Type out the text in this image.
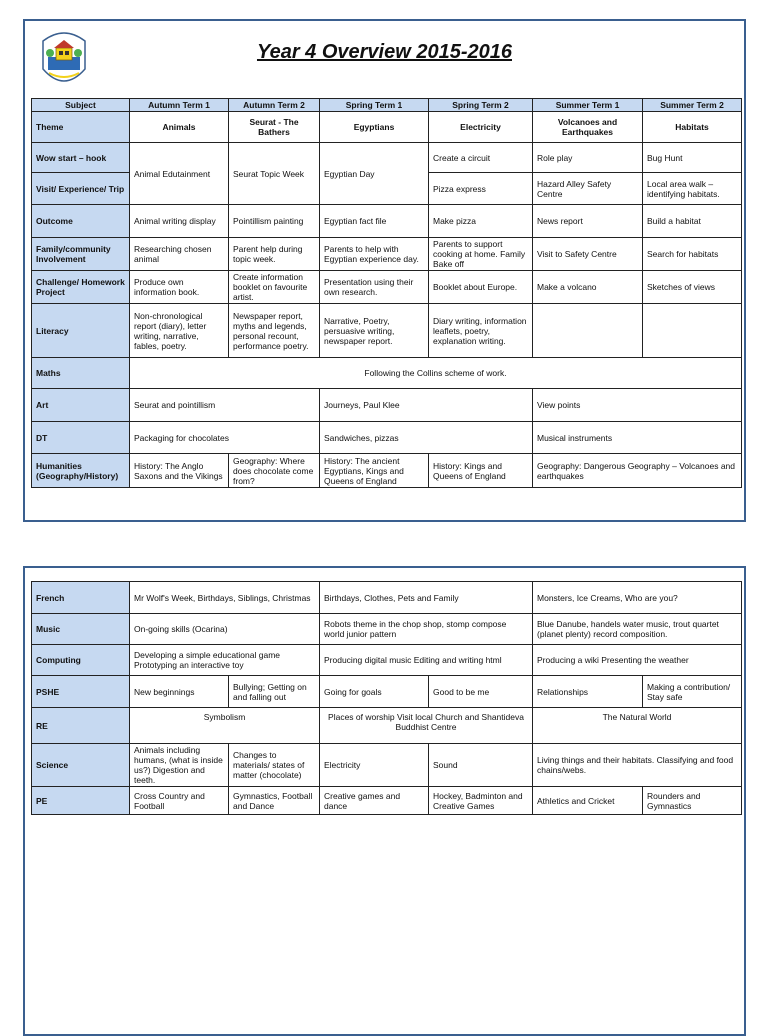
Year 4 Overview 2015-2016
Subject	Autumn Term 1	Autumn Term 2	Spring Term 1	Spring Term 2	Summer Term 1	Summer Term 2
Theme	Animals	Seurat - The Bathers	Egyptians	Electricity	Volcanoes and Earthquakes	Habitats
Wow start – hook	Animal Edutainment	Seurat Topic Week	Egyptian Day	Create a circuit	Role play	Bug Hunt
Visit/ Experience/ Trip				Pizza express	Hazard Alley Safety Centre	Local area walk – identifying habitats.
Outcome	Animal writing display	Pointillism painting	Egyptian fact file	Make pizza	News report	Build a habitat
Family/community Involvement	Researching chosen animal	Parent help during topic week.	Parents to help with Egyptian experience day.	Parents to support cooking at home. Family Bake off	Visit to Safety Centre	Search for habitats
Challenge/ Homework Project	Produce own information book.	Create information booklet on favourite artist.	Presentation using their own research.	Booklet about Europe.	Make a volcano	Sketches of views
Literacy	Non-chronological report (diary), letter writing, narrative, fables, poetry.	Newspaper report, myths and legends, personal recount, performance poetry.	Narrative, Poetry, persuasive writing, newspaper report.	Diary writing, information leaflets, poetry, explanation writing.		
Maths	Following the Collins scheme of work.					
Art	Seurat and pointillism		Journeys, Paul Klee		View points	
DT	Packaging for chocolates		Sandwiches, pizzas		Musical instruments	
Humanities (Geography/History)	History: The Anglo Saxons and the Vikings	Geography: Where does chocolate come from?	History: The ancient Egyptians, Kings and Queens of England	History: Kings and Queens of England	Geography: Dangerous Geography – Volcanoes and earthquakes	
French	Mr Wolf's Week, Birthdays, Siblings, Christmas		Birthdays, Clothes, Pets and Family		Monsters, Ice Creams, Who are you?	
Music	On-going skills (Ocarina)		Robots theme in the chop shop, stomp compose world junior pattern		Blue Danube, handels water music, trout quartet (planet plenty) record composition.	
Computing	Developing a simple educational game Prototyping an interactive toy		Producing digital music Editing and writing html		Producing a wiki Presenting the weather	
PSHE	New beginnings	Bullying; Getting on and falling out	Going for goals	Good to be me	Relationships	Making a contribution/ Stay safe
RE	Symbolism		Places of worship Visit local Church and Shantideva Buddhist Centre		The Natural World	
Science	Animals including humans, (what is inside us?) Digestion and teeth.	Changes to materials/ states of matter (chocolate)	Electricity	Sound	Living things and their habitats. Classifying and food chains/webs.	
PE	Cross Country and Football	Gymnastics, Football and Dance	Creative games and dance	Hockey, Badminton and Creative Games	Athletics and Cricket	Rounders and Gymnastics
